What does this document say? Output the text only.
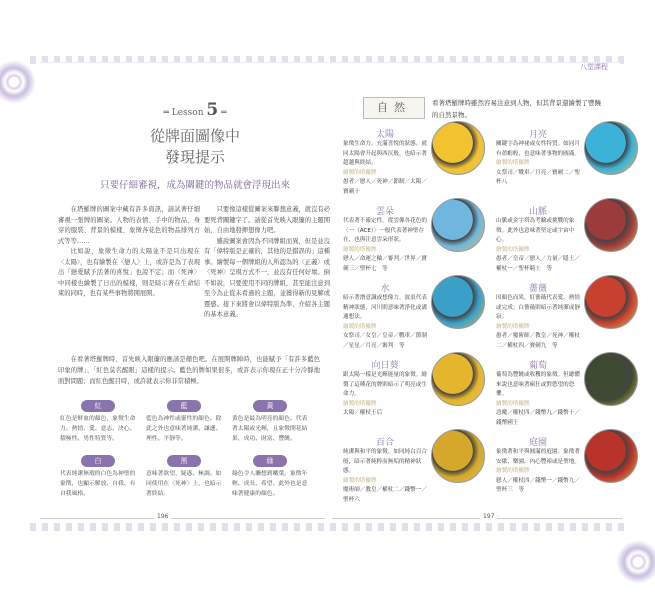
八堂課程
═ Lesson 5 ═
從牌面圖像中
發現提示
只要仔細審視，成為關鍵的物品就會浮現出來

在塔羅牌的圖案中藏有許多資訊，請試著仔細審視一張牌的圖案。人物的表情、手中的物品、身穿的服裝、背景的模樣、象徵各花色的物品排列方式等等……

比如說，象徵生命力的太陽並不是只出現在〈太陽〉，也有繪製在〈戀人〉上，或許是為了表現出「戀愛賦予活著的喜悅」也說不定；而〈死神〉中同樣也繪製了日出的模樣，則是暗示著在生命結束的同時，也有某些事物將開展開。

只要像這樣從圖案來聯想意義，就沒有必要死背關鍵字了。請從首先映入眼簾的主題開始，自由地發揮想像力吧。

雖說圖案會因為不同牌組而異，但是並沒有「偉特版是正確的，其他的是錯誤的」這種事。繪製每一個牌組的人所認為的〈正義〉或〈死神〉呈現方式不一，並沒有任何好壞。倒不如說，只要使用不同的牌組，甚至能注意到至今為止從未看過的主題，並獲得新的見解或靈感。接下來將會以偉特版為準，介紹各主題的基本意義。

在看著塔羅牌時，首先映入眼簾的應該是顏色吧。在展開牌陣時，也能賦予「有許多藍色印象的牌」、「紅色莫名醒眼」這樣的提示。藍色的牌如果很多，或許表示你現在正十分冷靜地面對問題；而紅色醒目時，或許就表示你非常積極。

紅
紅色是鮮血的顏色，象徵生命力、熱情、愛、意志、決心、積極性、男性特質等。
藍
藍色為神性或靈性的顏色。除此之外也意味著純潔、謙遜、理性、平靜等。
黃
黃色是最為明亮的顏色。代表著太陽或光輝，且象徵開花結果、成功、財富、豐饒。
白
代表純潔無瑕的白色為神聖的象徵，也顯示解放、自我、有自我風格。
黑
意味著欲望、疑惑、極調。如同使用在〈死神〉上，也暗示著終結。
綠
綠色令人聯想到嫩葉，象徵年輕、成長、希望。此外也是意味著健康的顏色。
196
自然	看著塔羅牌時雖然容易注意到人物，但其背景還繪製了豐饒的自然景物。
太陽
象徵生命力，充滿喜悅的狀態。就同太陽會升起與西沉般，也暗示著超越與終結。
繪製的塔羅牌
愚者／戀人／死神／節制／太陽／寶劍十
月亮
關鍵字為神祕或女性特質。如同月有盈虧般，也意味著事物的圓滿。
繪製的塔羅牌
女祭司／戰車／月亮／寶劍二／聖杯八
雲朵
代表著不確定性。從雲像各花色的〈一（ACE）〉一般代表著神聖存在，也與注意雲朵形狀。
繪製的塔羅牌
戀人／命運之輪／審判／世界／寶劍三／聖杯七　等
山脈
山脈或金字塔為考驗或挑戰的象徵。此外也意味著堅定或宇宙中心。
繪製的塔羅牌
愚者／皇帝／戀人／力量／隱士／權杖一／聖杯騎士　等
水
暗示著潛意識或想像力。波浪代表精神狀態，河川則意味著淨化或溝通想法。
繪製的塔羅牌
女祭司／女皇／皇帝／戰車／節制／星星／月亮／審判　等
薔薇
因顏色而異，紅薔薇代表愛、熱情或完成；白薔薇則暗示著純潔或靜寂。
繪製的塔羅牌
愚者／魔術師／教皇／死神／權杖二／權杖四／寶劍九　等
向日葵
跟太陽一樣是光輝能量的象徵。繪製了這種花的牌則暗示了明亮或生命力。
繪製的塔羅牌
太陽／權杖王后
葡萄
葡萄為豐饒或收穫的象徵。但總體來說也意味著瘋狂或對慾望的恐懼。
繪製的塔羅牌
惡魔／權杖四／錢幣九／錢幣十／錢幣國王
百合
純潔與和平的象徵。如同純白百合般，暗示著純粹而無垢的精神狀態。
繪製的塔羅牌
魔術師／教皇／權杖二／錢幣一／聖杯六
庭園
象徵著和平與圓滿的庭園。象徵著安歇、樂園、內心豐裕或是聖地。
繪製的塔羅牌
戀人／權杖四／錢幣一／錢幣九／聖杯三　等
197
